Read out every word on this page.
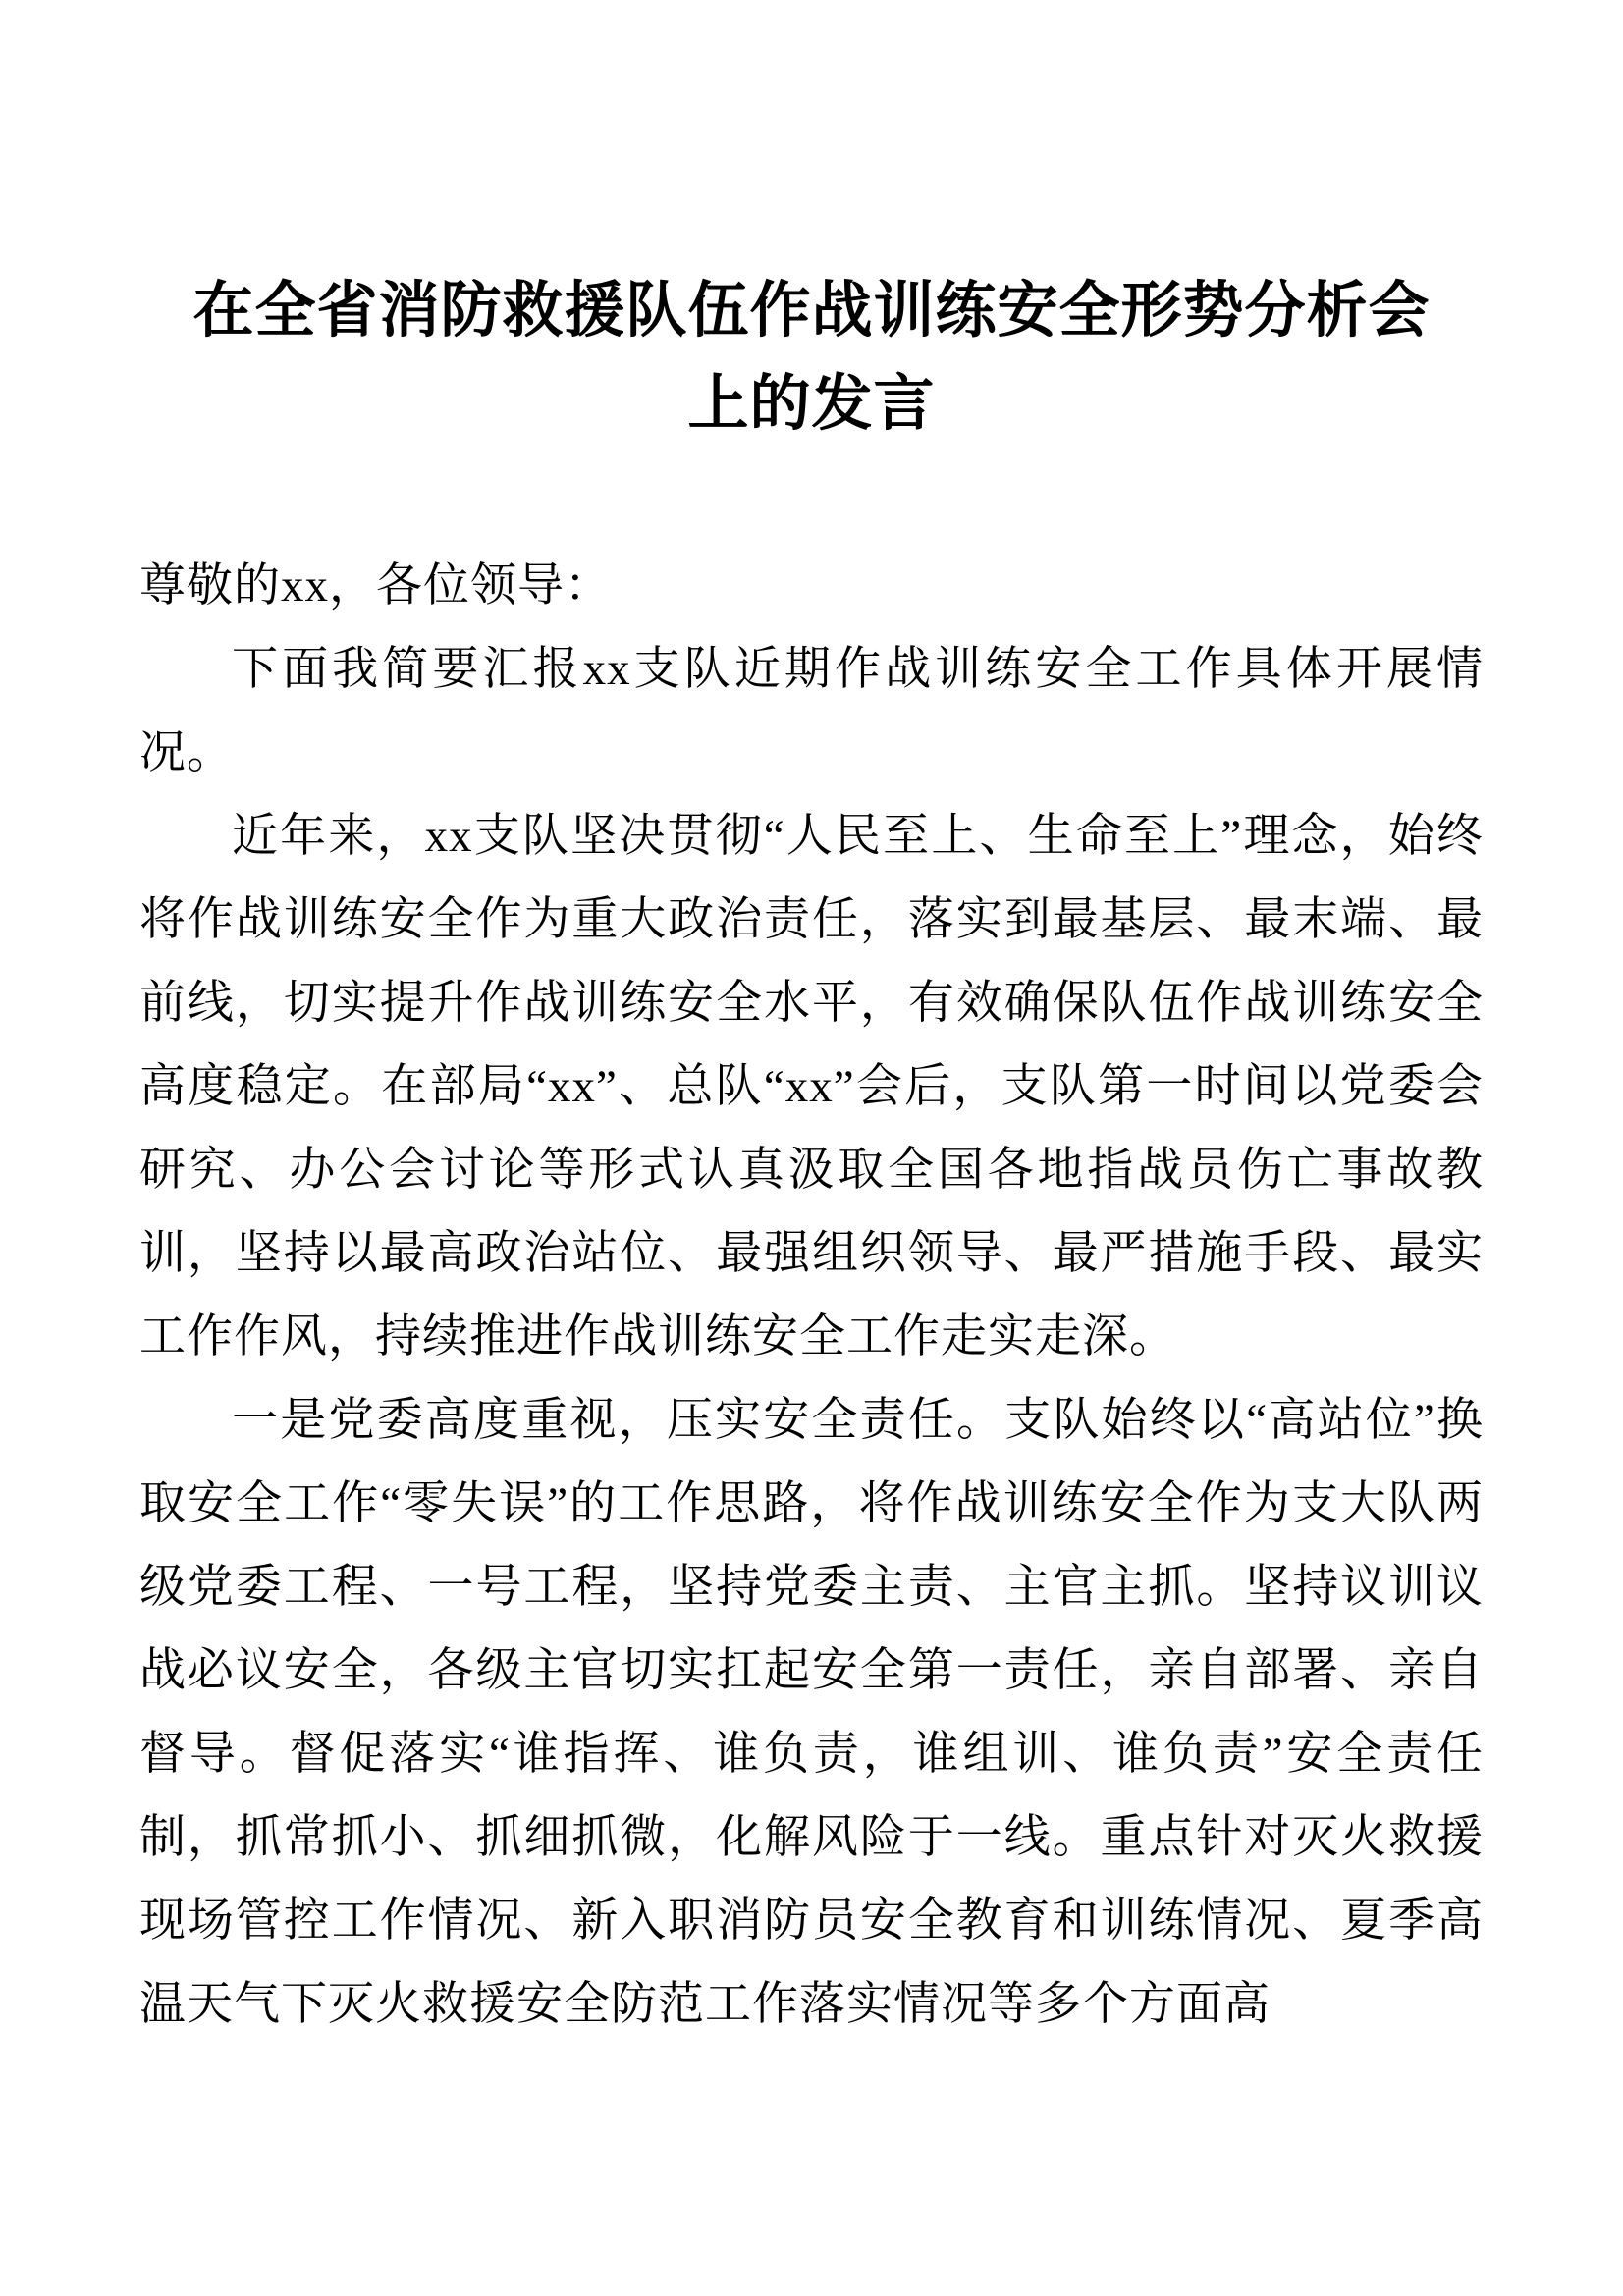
在全省消防救援队伍作战训练安全形势分析会
上的发言

尊敬的xx，各位领导：

下面我简要汇报xx支队近期作战训练安全工作具体开展情况。

近年来，xx支队坚决贯彻“人民至上、生命至上”理念，始终将作战训练安全作为重大政治责任，落实到最基层、最末端、最前线，切实提升作战训练安全水平，有效确保队伍作战训练安全高度稳定。在部局“xx”、总队“xx”会后，支队第一时间以党委会研究、办公会讨论等形式认真汲取全国各地指战员伤亡事故教训，坚持以最高政治站位、最强组织领导、最严措施手段、最实工作作风，持续推进作战训练安全工作走实走深。

一是党委高度重视，压实安全责任。支队始终以“高站位”换取安全工作“零失误”的工作思路，将作战训练安全作为支大队两级党委工程、一号工程，坚持党委主责、主官主抓。坚持议训议战必议安全，各级主官切实扛起安全第一责任，亲自部署、亲自督导。督促落实“谁指挥、谁负责，谁组训、谁负责”安全责任制，抓常抓小、抓细抓微，化解风险于一线。重点针对灭火救援现场管控工作情况、新入职消防员安全教育和训练情况、夏季高温天气下灭火救援安全防范工作落实情况等多个方面高
